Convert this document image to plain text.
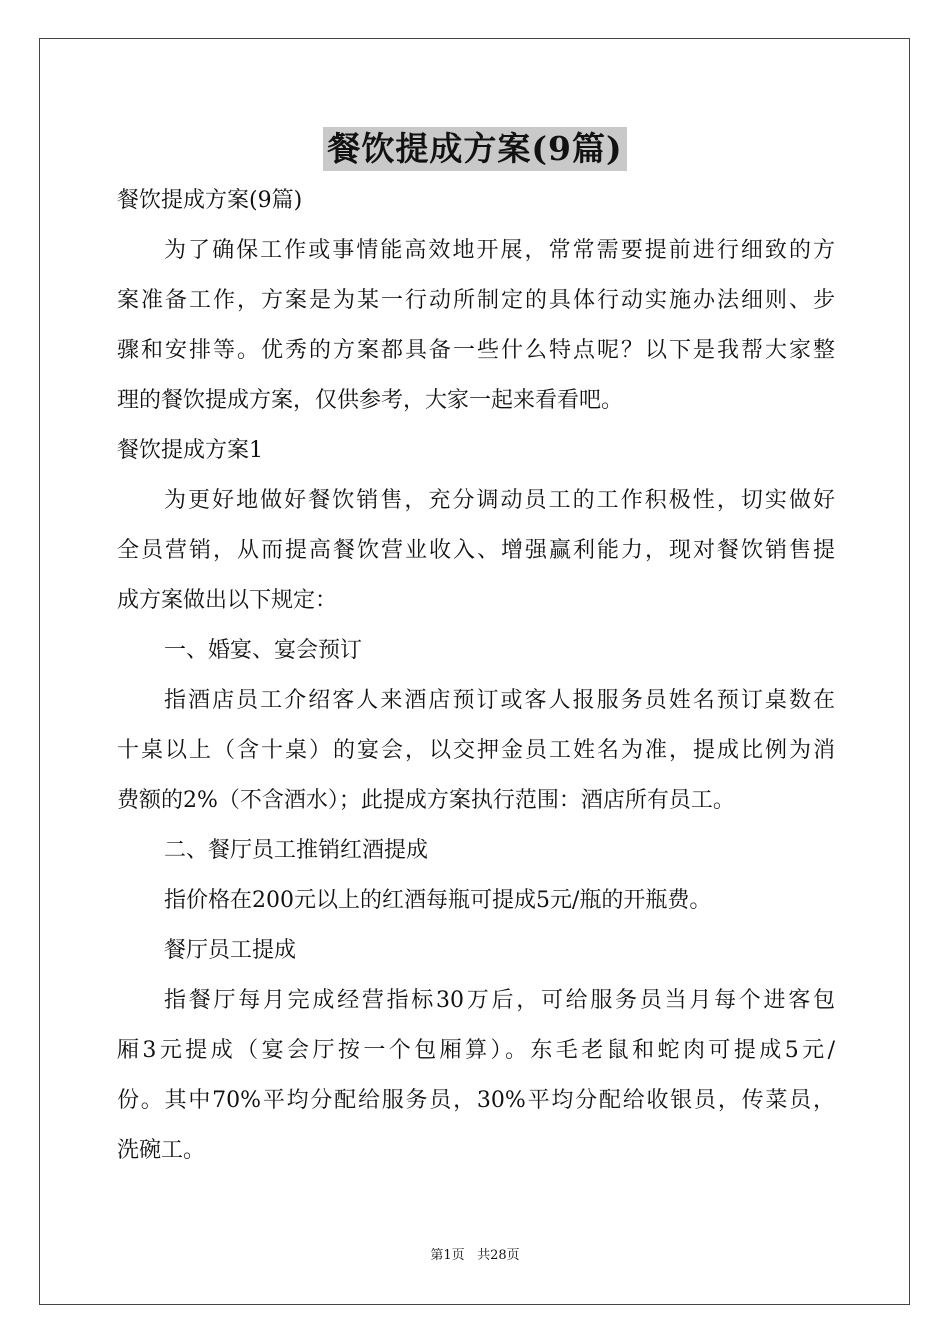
餐饮提成方案(9篇)
餐饮提成方案(9篇)
为了确保工作或事情能高效地开展，常常需要提前进行细致的方
案准备工作，方案是为某一行动所制定的具体行动实施办法细则、步
骤和安排等。优秀的方案都具备一些什么特点呢？以下是我帮大家整
理的餐饮提成方案，仅供参考，大家一起来看看吧。
餐饮提成方案1
为更好地做好餐饮销售，充分调动员工的工作积极性，切实做好
全员营销，从而提高餐饮营业收入、增强赢利能力，现对餐饮销售提
成方案做出以下规定：
一、婚宴、宴会预订
指酒店员工介绍客人来酒店预订或客人报服务员姓名预订桌数在
十桌以上（含十桌）的宴会，以交押金员工姓名为准，提成比例为消
费额的2%（不含酒水）；此提成方案执行范围：酒店所有员工。
二、餐厅员工推销红酒提成
指价格在200元以上的红酒每瓶可提成5元/瓶的开瓶费。
餐厅员工提成
指餐厅每月完成经营指标30万后，可给服务员当月每个进客包
厢3元提成（宴会厅按一个包厢算）。东毛老鼠和蛇肉可提成5元/
份。其中70%平均分配给服务员，30%平均分配给收银员，传菜员，
洗碗工。
第1页 共28页
